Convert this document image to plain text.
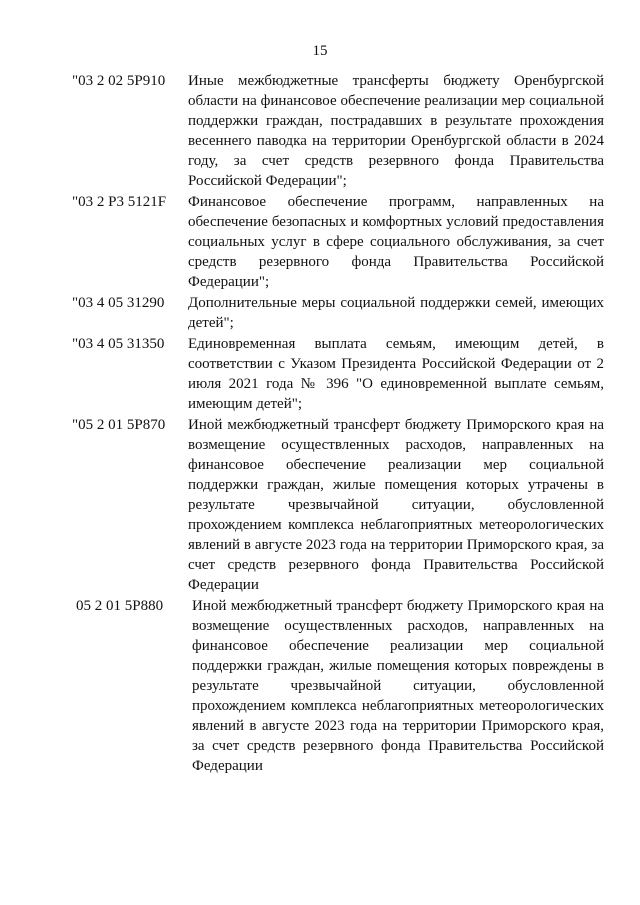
15
"03 2 02 5Р910	Иные межбюджетные трансферты бюджету Оренбургской области на финансовое обеспечение реализации мер социальной поддержки граждан, пострадавших в результате прохождения весеннего паводка на территории Оренбургской области в 2024 году, за счет средств резервного фонда Правительства Российской Федерации";
"03 2 Р3 5121F	Финансовое обеспечение программ, направленных на обеспечение безопасных и комфортных условий предоставления социальных услуг в сфере социального обслуживания, за счет средств резервного фонда Правительства Российской Федерации";
"03 4 05 31290	Дополнительные меры социальной поддержки семей, имеющих детей";
"03 4 05 31350	Единовременная выплата семьям, имеющим детей, в соответствии с Указом Президента Российской Федерации от 2 июля 2021 года № 396 "О единовременной выплате семьям, имеющим детей";
"05 2 01 5Р870	Иной межбюджетный трансферт бюджету Приморского края на возмещение осуществленных расходов, направленных на финансовое обеспечение реализации мер социальной поддержки граждан, жилые помещения которых утрачены в результате чрезвычайной ситуации, обусловленной прохождением комплекса неблагоприятных метеорологических явлений в августе 2023 года на территории Приморского края, за счет средств резервного фонда Правительства Российской Федерации
05 2 01 5Р880	Иной межбюджетный трансферт бюджету Приморского края на возмещение осуществленных расходов, направленных на финансовое обеспечение реализации мер социальной поддержки граждан, жилые помещения которых повреждены в результате чрезвычайной ситуации, обусловленной прохождением комплекса неблагоприятных метеорологических явлений в августе 2023 года на территории Приморского края, за счет средств резервного фонда Правительства Российской Федерации
